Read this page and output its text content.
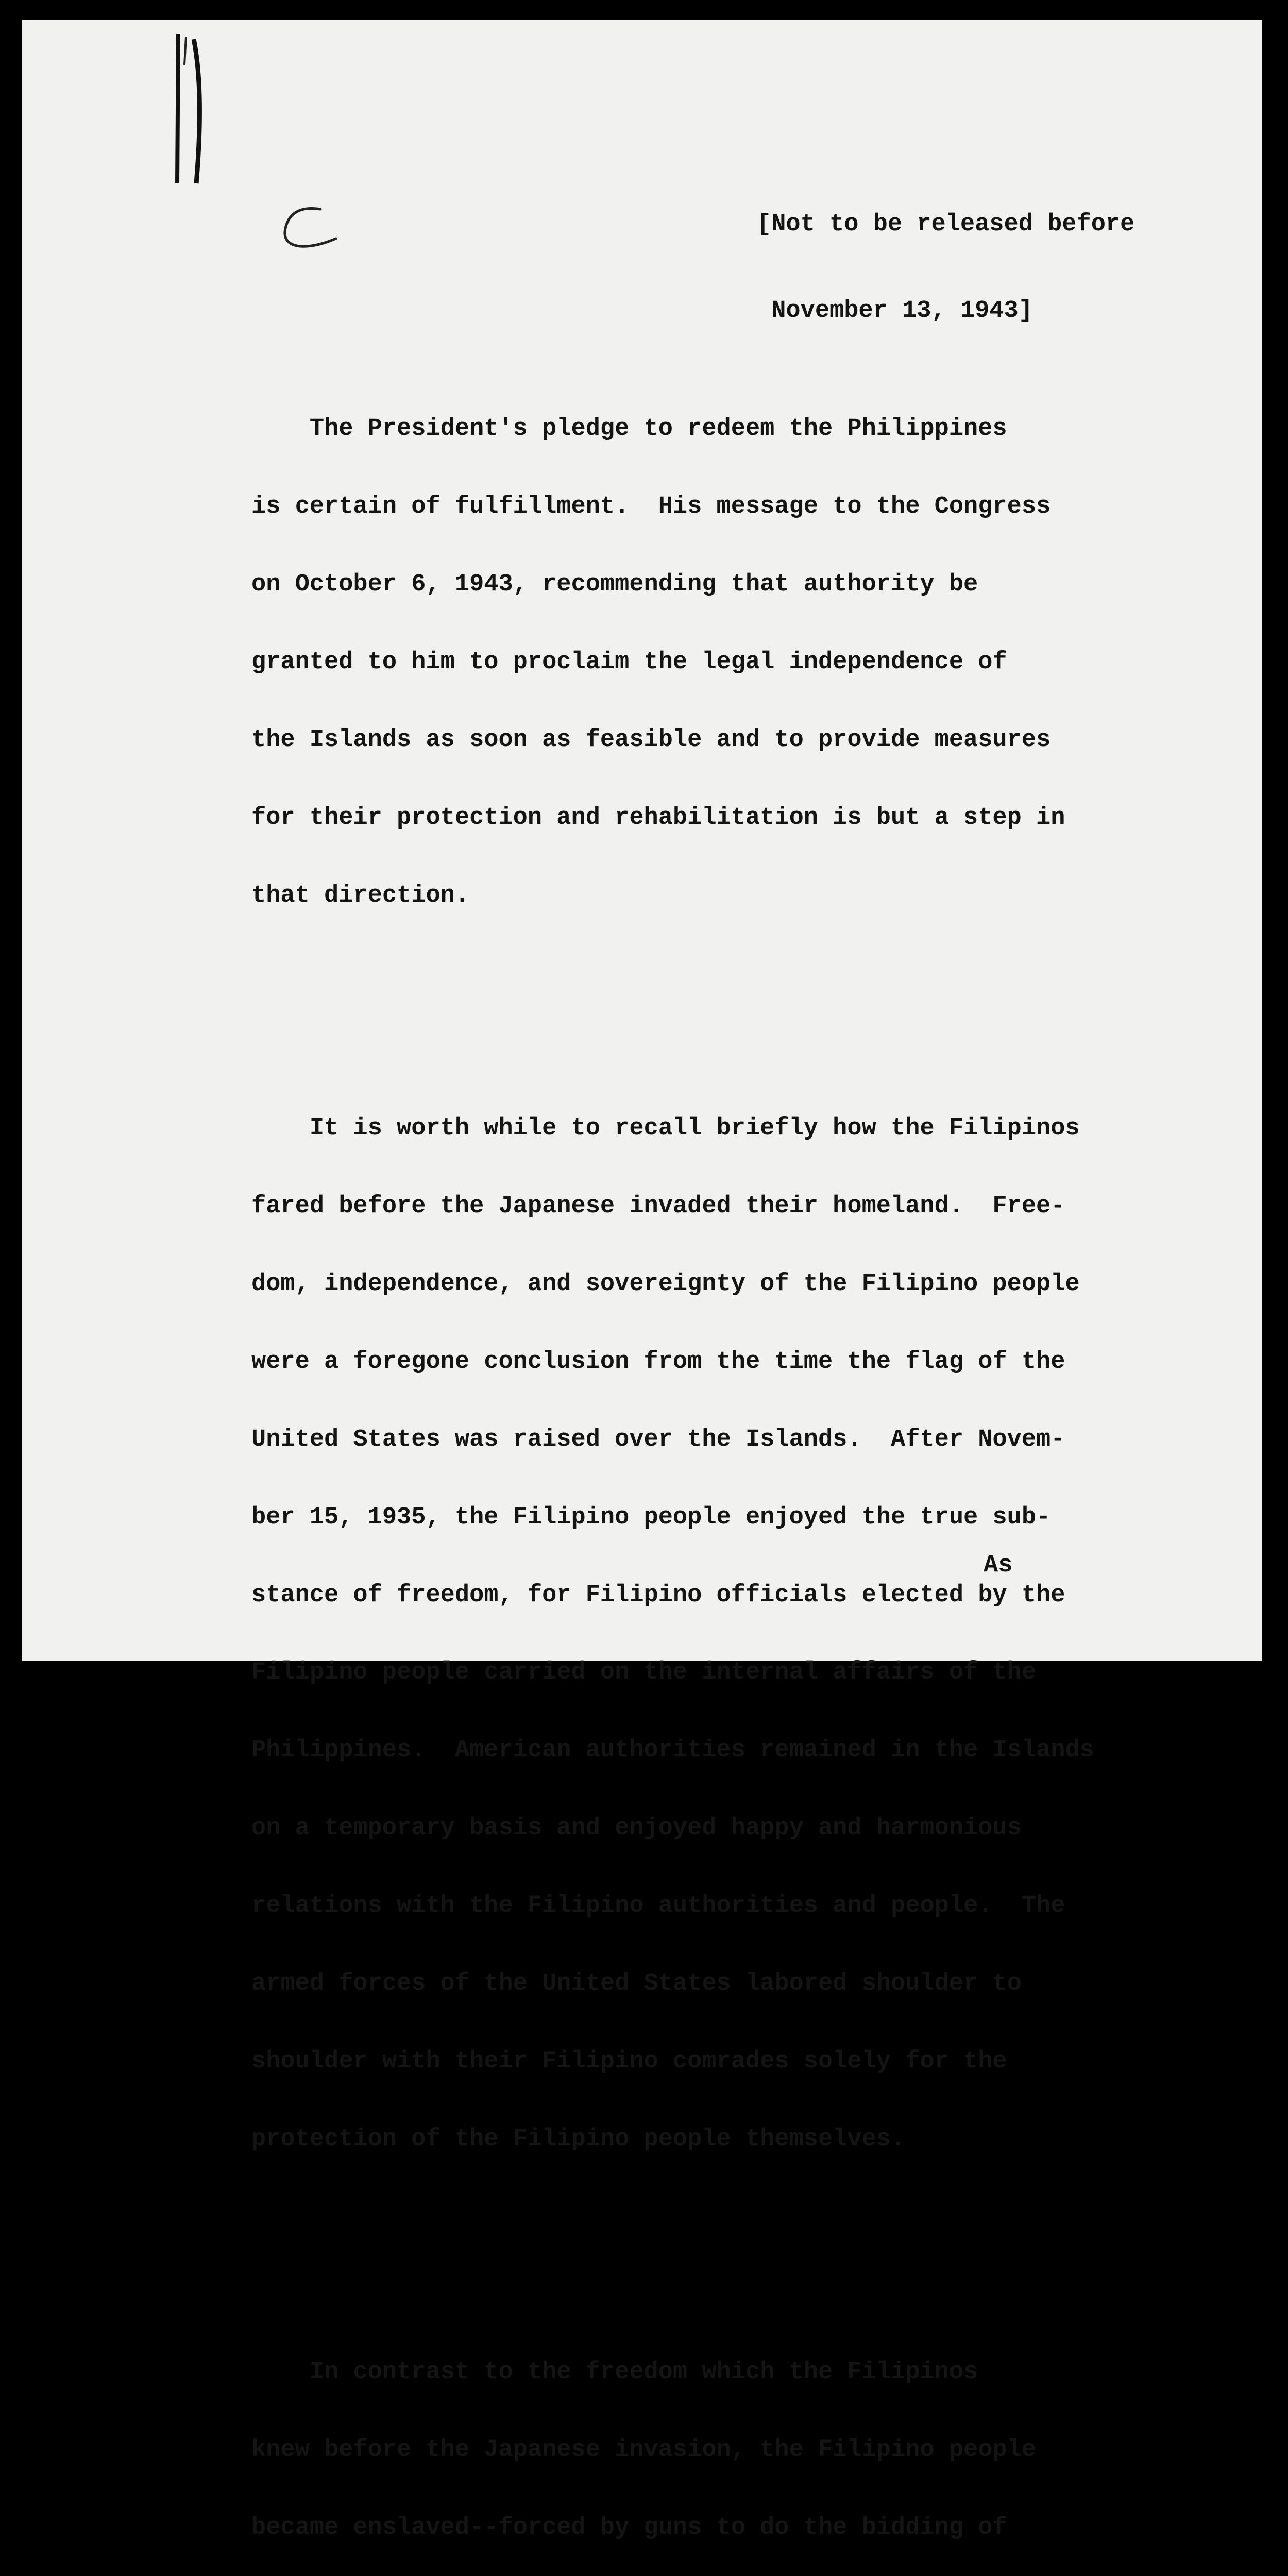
[Not to be released before

November 13, 1943]

The President's pledge to redeem the Philippines

is certain of fulfillment.  His message to the Congress

on October 6, 1943, recommending that authority be

granted to him to proclaim the legal independence of

the Islands as soon as feasible and to provide measures

for their protection and rehabilitation is but a step in

that direction.

It is worth while to recall briefly how the Filipinos

fared before the Japanese invaded their homeland.  Free-

dom, independence, and sovereignty of the Filipino people

were a foregone conclusion from the time the flag of the

United States was raised over the Islands.  After Novem-

ber 15, 1935, the Filipino people enjoyed the true sub-

stance of freedom, for Filipino officials elected by the

Filipino people carried on the internal affairs of the

Philippines.  American authorities remained in the Islands

on a temporary basis and enjoyed happy and harmonious

relations with the Filipino authorities and people.  The

armed forces of the United States labored shoulder to

shoulder with their Filipino comrades solely for the

protection of the Filipino people themselves.

In contrast to the freedom which the Filipinos

knew before the Japanese invasion, the Filipino people

became enslaved--forced by guns to do the bidding of

As
